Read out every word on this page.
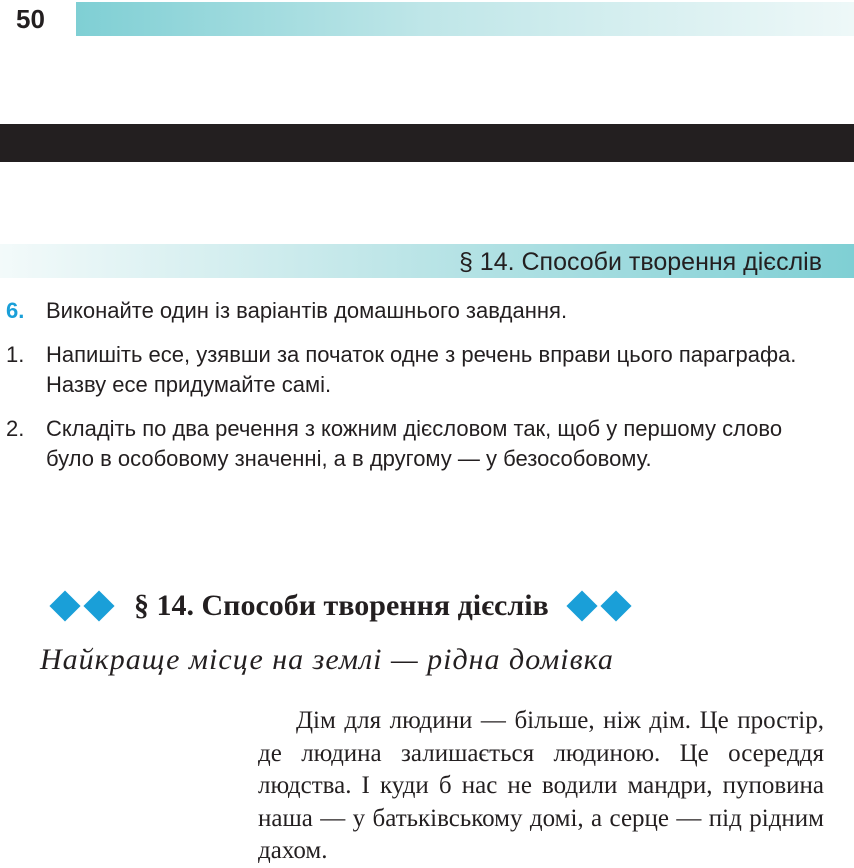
50
§ 14. Способи творення дієслів
6. Виконайте один із варіантів домашнього завдання.
1. Напишіть есе, узявши за початок одне з речень вправи цього параграфа. Назву есе придумайте самі.
2. Складіть по два речення з кожним дієсловом так, щоб у першому слово було в особовому значенні, а в другому — у безособовому.
§ 14. Способи творення дієслів
Найкраще місце на землі — рідна домівка

Дім для людини — більше, ніж дім. Це простір, де людина залишається людиною. Це осереддя людства. І куди б нас не водили мандри, пуповина наша — у батьківському домі, а серце — під рідним дахом.
